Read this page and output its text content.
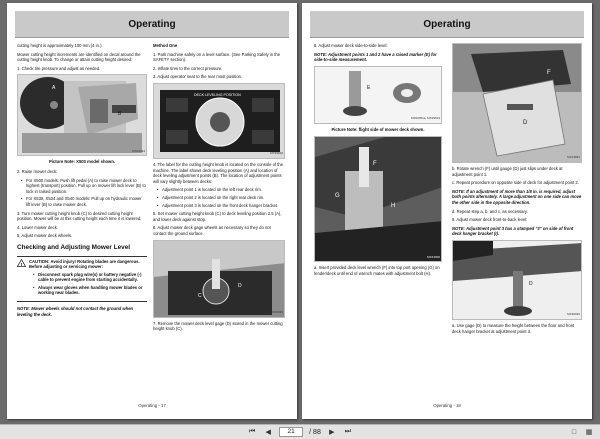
Operating

cutting height is approximately 100 mm (4 in.).

Mower cutting height increments are identified on decal around the cutting height knob. To change or attain cutting height desired:

1. Check tire pressure and adjust as needed.

A
B
MX46994
Picture Note: X500 model shown.

2. Raise mower deck:

• For X500 models: Push lift pedal (A) to raise mower deck to highest (transport) position. Pull up on mower lift lock lever (B) to lock in raised position.
• For X530, X534 and X540 models: Pull up on hydraulic mower lift lever (B) to raise mower deck.

3. Turn mower cutting height knob (C) to desired cutting height position. Mower will be at this cutting height each time it is lowered.

4. Lower mower deck.

5. Adjust mower deck wheels.

Checking and Adjusting Mower Level
!
CAUTION: Avoid injury! Rotating blades are dangerous. Before adjusting or servicing mower:
• Disconnect spark plug wire(s) or battery negative (-) cable to prevent engine from starting accidentally.
• Always wear gloves when handling mower blades or working near blades.

NOTE: Mower wheels should not contact the ground when leveling the deck.

Method One

1. Park machine safely on a level surface. (See Parking Safely in the SAFETY section).

2. Inflate tires to the correct pressure.

3. Adjust operator seat to the rear most position.

DECK LEVELING POSITION
MX39620

4. The label for the cutting height knob is located on the console of the machine. The label shows deck leveling position (A) and location of deck leveling adjustment points (B). The location of adjustment points will vary slightly between decks:

• Adjustment point 1 is located on the left rear deck rim.
• Adjustment point 2 is located on the right rear deck rim.
• Adjustment point 3 is located on the front deck hanger bracket.

5. Set mower cutting height knob (C) to deck leveling position 2.5 (A), and lower deck against stop.

6. Adjust mower deck gage wheels as necessary so they do not contact the ground surface.

D
C
MX36936

7. Remove the mower deck level gage (D) stored in the mower cutting height knob (C).

Operating - 17
Operating

8. Adjust mower deck side-to-side level:

NOTE: Adjustment points 1 and 2 have a raised marker (E) for side-to-side measurement.

E
MX02051a, MX29519
Picture Note: flight side of mower deck shown.
F
G
H
MX43900

a. Insert provided deck level wrench (F) into top port opening (G) on fender/deck until end of wrench mates with adjustment bolt (H).

D
F
MX43891

b. Rotate wrench (F) until gauge (D) just slips under deck at adjustment point 1.

c. Repeat procedure on opposite side of deck for adjustment point 2.

NOTE: If an adjustment of more than 1/8 in. is required, adjust both points alternately. A large adjustment on one side can move the other side in the opposite direction.

d. Repeat step a, b, and c, as necessary.

9. Adjust mower deck front-to-back level:

NOTE: Adjustment point 3 has a stamped "3" on side of front deck hanger bracket (I).

D
MX36030

a. Use gage (D) to measure the height between the floor and front deck hanger bracket at adjustment point 3.

Operating - 18
⏮	◀	21	/ 88	▶	⏭	□	▦
